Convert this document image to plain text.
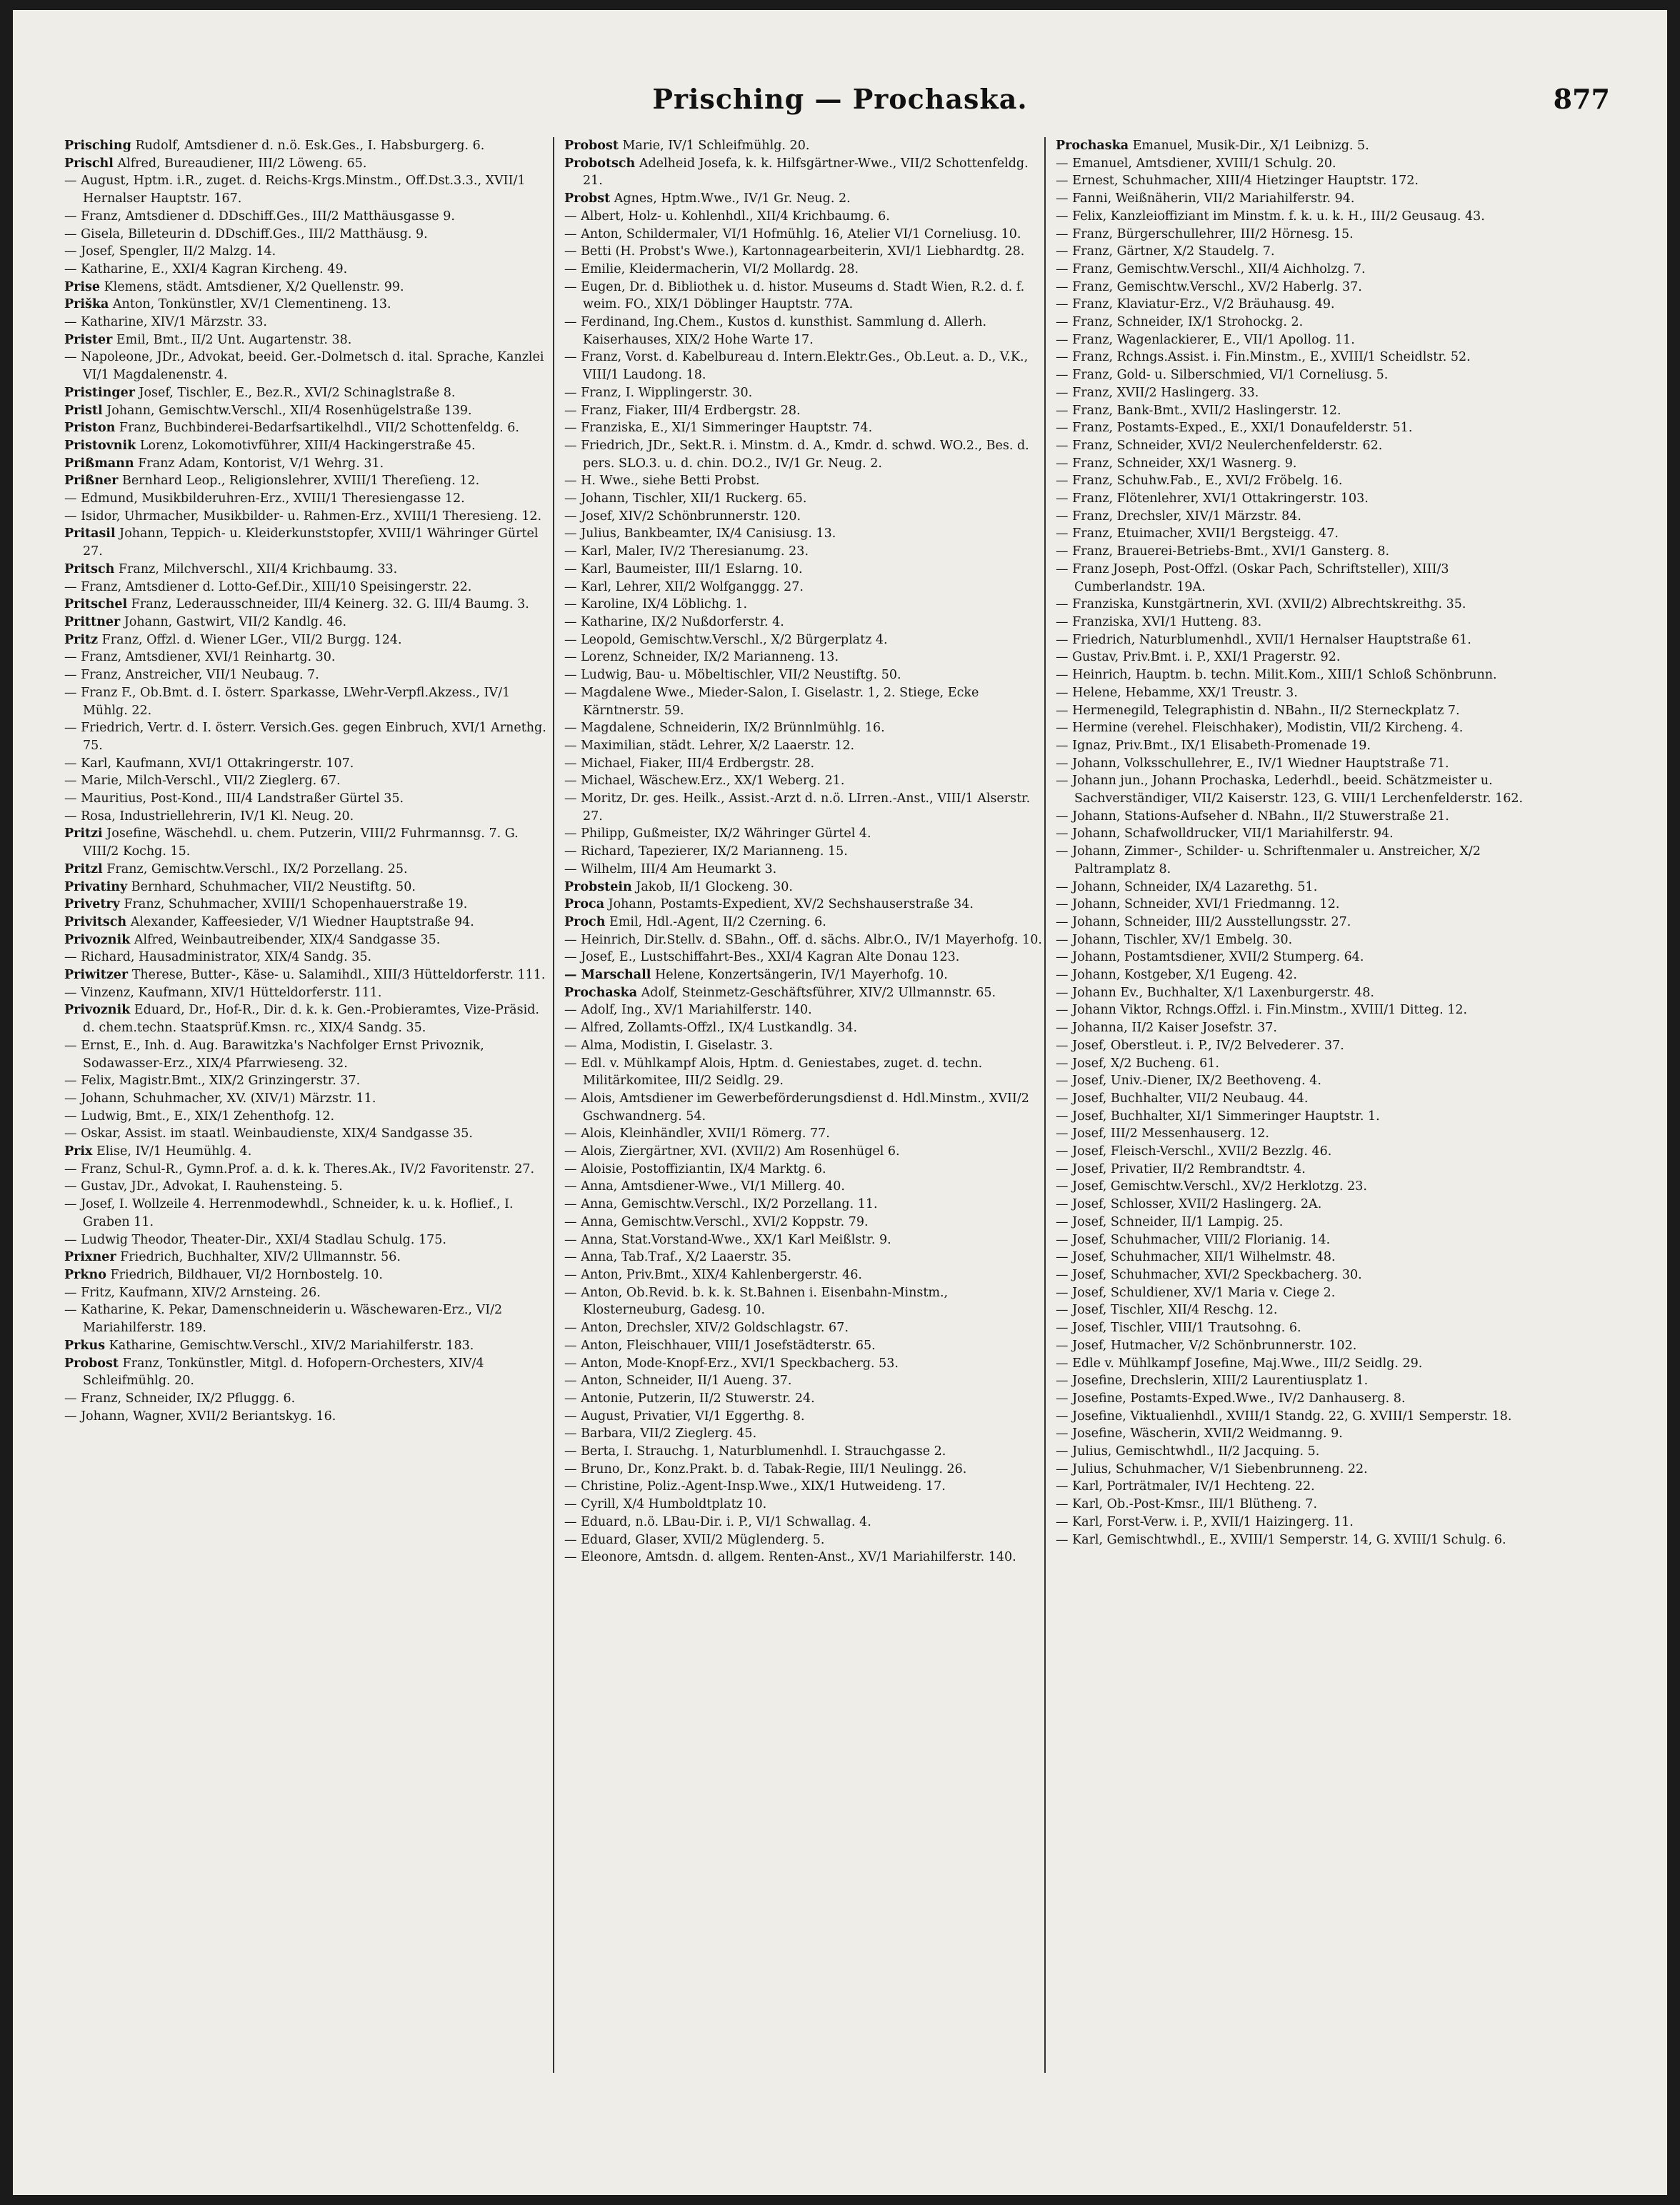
Prisching — Prochaska.	877

Prisching Rudolf, Amtsdiener d. n.ö. Esk.Ges., I. Habsburgerg. 6.

Prischl Alfred, Bureaudiener, III/2 Löweng. 65.

— August, Hptm. i.R., zuget. d. Reichs-Krgs.Minstm., Off.Dst.3.3., XVII/1 Hernalser Hauptstr. 167.

— Franz, Amtsdiener d. DDschiff.Ges., III/2 Matthäusgasse 9.

— Gisela, Billeteurin d. DDschiff.Ges., III/2 Matthäusg. 9.

— Josef, Spengler, II/2 Malzg. 14.

— Katharine, E., XXI/4 Kagran Kircheng. 49.

Prise Klemens, städt. Amtsdiener, X/2 Quellenstr. 99.

Priška Anton, Tonkünstler, XV/1 Clementineng. 13.

— Katharine, XIV/1 Märzstr. 33.

Prister Emil, Bmt., II/2 Unt. Augartenstr. 38.

— Napoleone, JDr., Advokat, beeid. Ger.-Dolmetsch d. ital. Sprache, Kanzlei VI/1 Magdalenenstr. 4.

Pristinger Josef, Tischler, E., Bez.R., XVI/2 Schinaglstraße 8.

Pristl Johann, Gemischtw.Verschl., XII/4 Rosenhügelstraße 139.

Priston Franz, Buchbinderei-Bedarfsartikelhdl., VII/2 Schottenfeldg. 6.

Pristovnik Lorenz, Lokomotivführer, XIII/4 Hackingerstraße 45.

Prißmann Franz Adam, Kontorist, V/1 Wehrg. 31.

Prißner Bernhard Leop., Religionslehrer, XVIII/1 Thereſieng. 12.

— Edmund, Musikbilderuhren-Erz., XVIII/1 Theresiengasse 12.

— Isidor, Uhrmacher, Musikbilder- u. Rahmen-Erz., XVIII/1 Theresieng. 12.

Pritasil Johann, Teppich- u. Kleiderkunststopfer, XVIII/1 Währinger Gürtel 27.

Pritsch Franz, Milchverschl., XII/4 Krichbaumg. 33.

— Franz, Amtsdiener d. Lotto-Gef.Dir., XIII/10 Speisingerstr. 22.

Pritschel Franz, Lederausschneider, III/4 Keinerg. 32. G. III/4 Baumg. 3.

Prittner Johann, Gastwirt, VII/2 Kandlg. 46.

Pritz Franz, Offzl. d. Wiener LGer., VII/2 Burgg. 124.

— Franz, Amtsdiener, XVI/1 Reinhartg. 30.

— Franz, Anstreicher, VII/1 Neubaug. 7.

— Franz F., Ob.Bmt. d. I. österr. Sparkasse, LWehr-Verpfl.Akzess., IV/1 Mühlg. 22.

— Friedrich, Vertr. d. I. österr. Versich.Ges. gegen Einbruch, XVI/1 Arnethg. 75.

— Karl, Kaufmann, XVI/1 Ottakringerstr. 107.

— Marie, Milch-Verschl., VII/2 Zieglerg. 67.

— Mauritius, Post-Kond., III/4 Landstraßer Gürtel 35.

— Rosa, Industriellehrerin, IV/1 Kl. Neug. 20.

Pritzi Josefine, Wäschehdl. u. chem. Putzerin, VIII/2 Fuhrmannsg. 7. G. VIII/2 Kochg. 15.

Pritzl Franz, Gemischtw.Verschl., IX/2 Porzellang. 25.

Privatiny Bernhard, Schuhmacher, VII/2 Neustiftg. 50.

Privetry Franz, Schuhmacher, XVIII/1 Schopenhauerstraße 19.

Privitsch Alexander, Kaffeesieder, V/1 Wiedner Hauptstraße 94.

Privoznik Alfred, Weinbautreibender, XIX/4 Sandgasse 35.

— Richard, Hausadministrator, XIX/4 Sandg. 35.

Priwitzer Therese, Butter-, Käse- u. Salamihdl., XIII/3 Hütteldorferstr. 111.

— Vinzenz, Kaufmann, XIV/1 Hütteldorferstr. 111.

Privoznik Eduard, Dr., Hof-R., Dir. d. k. k. Gen.-Probieramtes, Vize-Präsid. d. chem.techn. Staatsprüf.Kmsn. rc., XIX/4 Sandg. 35.

— Ernst, E., Inh. d. Aug. Barawitzka's Nachfolger Ernst Privoznik, Sodawasser-Erz., XIX/4 Pfarrwieseng. 32.

— Felix, Magistr.Bmt., XIX/2 Grinzingerstr. 37.

— Johann, Schuhmacher, XV. (XIV/1) Märzstr. 11.

— Ludwig, Bmt., E., XIX/1 Zehenthofg. 12.

— Oskar, Assist. im staatl. Weinbaudienste, XIX/4 Sandgasse 35.

Prix Elise, IV/1 Heumühlg. 4.

— Franz, Schul-R., Gymn.Prof. a. d. k. k. Theres.Ak., IV/2 Favoritenstr. 27.

— Gustav, JDr., Advokat, I. Rauhensteing. 5.

— Josef, I. Wollzeile 4. Herrenmodewhdl., Schneider, k. u. k. Hoflief., I. Graben 11.

— Ludwig Theodor, Theater-Dir., XXI/4 Stadlau Schulg. 175.

Prixner Friedrich, Buchhalter, XIV/2 Ullmannstr. 56.

Prkno Friedrich, Bildhauer, VI/2 Hornbostelg. 10.

— Fritz, Kaufmann, XIV/2 Arnsteing. 26.

— Katharine, K. Pekar, Damenschneiderin u. Wäschewaren-Erz., VI/2 Mariahilferstr. 189.

Prkus Katharine, Gemischtw.Verschl., XIV/2 Mariahilferstr. 183.

Probost Franz, Tonkünstler, Mitgl. d. Hofopern-Orchesters, XIV/4 Schleifmühlg. 20.

— Franz, Schneider, IX/2 Pfluggg. 6.

— Johann, Wagner, XVII/2 Beriantskyg. 16.

Probost Marie, IV/1 Schleifmühlg. 20.

Probotsch Adelheid Josefa, k. k. Hilfsgärtner-Wwe., VII/2 Schottenfeldg. 21.

Probst Agnes, Hptm.Wwe., IV/1 Gr. Neug. 2.

— Albert, Holz- u. Kohlenhdl., XII/4 Krichbaumg. 6.

— Anton, Schildermaler, VI/1 Hofmühlg. 16, Atelier VI/1 Corneliusg. 10.

— Betti (H. Probst's Wwe.), Kartonnagearbeiterin, XVI/1 Liebhardtg. 28.

— Emilie, Kleidermacherin, VI/2 Mollardg. 28.

— Eugen, Dr. d. Bibliothek u. d. histor. Museums d. Stadt Wien, R.2. d. f. weim. FO., XIX/1 Döblinger Hauptstr. 77A.

— Ferdinand, Ing.Chem., Kustos d. kunsthist. Sammlung d. Allerh. Kaiserhauses, XIX/2 Hohe Warte 17.

— Franz, Vorst. d. Kabelbureau d. Intern.Elektr.Ges., Ob.Leut. a. D., V.K., VIII/1 Laudong. 18.

— Franz, I. Wipplingerstr. 30.

— Franz, Fiaker, III/4 Erdbergstr. 28.

— Franziska, E., XI/1 Simmeringer Hauptstr. 74.

— Friedrich, JDr., Sekt.R. i. Minstm. d. A., Kmdr. d. schwd. WO.2., Bes. d. pers. SLO.3. u. d. chin. DO.2., IV/1 Gr. Neug. 2.

— H. Wwe., siehe Betti Probst.

— Johann, Tischler, XII/1 Ruckerg. 65.

— Josef, XIV/2 Schönbrunnerstr. 120.

— Julius, Bankbeamter, IX/4 Canisiusg. 13.

— Karl, Maler, IV/2 Theresianumg. 23.

— Karl, Baumeister, III/1 Eslarng. 10.

— Karl, Lehrer, XII/2 Wolfganggg. 27.

— Karoline, IX/4 Löblichg. 1.

— Katharine, IX/2 Nußdorferstr. 4.

— Leopold, Gemischtw.Verschl., X/2 Bürgerplatz 4.

— Lorenz, Schneider, IX/2 Marianneng. 13.

— Ludwig, Bau- u. Möbeltischler, VII/2 Neustiftg. 50.

— Magdalene Wwe., Mieder-Salon, I. Giselastr. 1, 2. Stiege, Ecke Kärntnerstr. 59.

— Magdalene, Schneiderin, IX/2 Brünnlmühlg. 16.

— Maximilian, städt. Lehrer, X/2 Laaerstr. 12.

— Michael, Fiaker, III/4 Erdbergstr. 28.

— Michael, Wäschew.Erz., XX/1 Weberg. 21.

— Moritz, Dr. ges. Heilk., Assist.-Arzt d. n.ö. LIrren.-Anst., VIII/1 Alserstr. 27.

— Philipp, Gußmeister, IX/2 Währinger Gürtel 4.

— Richard, Tapezierer, IX/2 Marianneng. 15.

— Wilhelm, III/4 Am Heumarkt 3.

Probstein Jakob, II/1 Glockeng. 30.

Proca Johann, Postamts-Expedient, XV/2 Sechshauserstraße 34.

Proch Emil, Hdl.-Agent, II/2 Czerning. 6.

— Heinrich, Dir.Stellv. d. SBahn., Off. d. sächs. Albr.O., IV/1 Mayerhofg. 10.

— Josef, E., Lustschiffahrt-Bes., XXI/4 Kagran Alte Donau 123.

— Marschall Helene, Konzertsängerin, IV/1 Mayerhofg. 10.

Prochaska Adolf, Steinmetz-Geschäftsführer, XIV/2 Ullmannstr. 65.

— Adolf, Ing., XV/1 Mariahilferstr. 140.

— Alfred, Zollamts-Offzl., IX/4 Lustkandlg. 34.

— Alma, Modistin, I. Giselastr. 3.

— Edl. v. Mühlkampf Alois, Hptm. d. Geniestabes, zuget. d. techn. Militärkomitee, III/2 Seidlg. 29.

— Alois, Amtsdiener im Gewerbeförderungsdienst d. Hdl.Minstm., XVII/2 Gschwandnerg. 54.

— Alois, Kleinhändler, XVII/1 Römerg. 77.

— Alois, Ziergärtner, XVI. (XVII/2) Am Rosenhügel 6.

— Aloisie, Postoffiziantin, IX/4 Marktg. 6.

— Anna, Amtsdiener-Wwe., VI/1 Millerg. 40.

— Anna, Gemischtw.Verschl., IX/2 Porzellang. 11.

— Anna, Gemischtw.Verschl., XVI/2 Koppstr. 79.

— Anna, Stat.Vorstand-Wwe., XX/1 Karl Meißlstr. 9.

— Anna, Tab.Traf., X/2 Laaerstr. 35.

— Anton, Priv.Bmt., XIX/4 Kahlenbergerstr. 46.

— Anton, Ob.Revid. b. k. k. St.Bahnen i. Eisenbahn-Minstm., Klosterneuburg, Gadesg. 10.

— Anton, Drechsler, XIV/2 Goldschlagstr. 67.

— Anton, Fleischhauer, VIII/1 Josefstädterstr. 65.

— Anton, Mode-Knopf-Erz., XVI/1 Speckbacherg. 53.

— Anton, Schneider, II/1 Aueng. 37.

— Antonie, Putzerin, II/2 Stuwerstr. 24.

— August, Privatier, VI/1 Eggerthg. 8.

— Barbara, VII/2 Zieglerg. 45.

— Berta, I. Strauchg. 1, Naturblumenhdl. I. Strauchgasse 2.

— Bruno, Dr., Konz.Prakt. b. d. Tabak-Regie, III/1 Neulingg. 26.

— Christine, Poliz.-Agent-Insp.Wwe., XIX/1 Hutweideng. 17.

— Cyrill, X/4 Humboldtplatz 10.

— Eduard, n.ö. LBau-Dir. i. P., VI/1 Schwallag. 4.

— Eduard, Glaser, XVII/2 Müglenderg. 5.

— Eleonore, Amtsdn. d. allgem. Renten-Anst., XV/1 Mariahilferstr. 140.

Prochaska Emanuel, Musik-Dir., X/1 Leibnizg. 5.

— Emanuel, Amtsdiener, XVIII/1 Schulg. 20.

— Ernest, Schuhmacher, XIII/4 Hietzinger Hauptstr. 172.

— Fanni, Weißnäherin, VII/2 Mariahilferstr. 94.

— Felix, Kanzleioffiziant im Minstm. f. k. u. k. H., III/2 Geusaug. 43.

— Franz, Bürgerschullehrer, III/2 Hörnesg. 15.

— Franz, Gärtner, X/2 Staudelg. 7.

— Franz, Gemischtw.Verschl., XII/4 Aichholzg. 7.

— Franz, Gemischtw.Verschl., XV/2 Haberlg. 37.

— Franz, Klaviatur-Erz., V/2 Bräuhausg. 49.

— Franz, Schneider, IX/1 Strohockg. 2.

— Franz, Wagenlackierer, E., VII/1 Apollog. 11.

— Franz, Rchngs.Assist. i. Fin.Minstm., E., XVIII/1 Scheidlstr. 52.

— Franz, Gold- u. Silberschmied, VI/1 Corneliusg. 5.

— Franz, XVII/2 Haslingerg. 33.

— Franz, Bank-Bmt., XVII/2 Haslingerstr. 12.

— Franz, Postamts-Exped., E., XXI/1 Donaufelderstr. 51.

— Franz, Schneider, XVI/2 Neulerchenfelderstr. 62.

— Franz, Schneider, XX/1 Wasnerg. 9.

— Franz, Schuhw.Fab., E., XVI/2 Fröbelg. 16.

— Franz, Flötenlehrer, XVI/1 Ottakringerstr. 103.

— Franz, Drechsler, XIV/1 Märzstr. 84.

— Franz, Etuimacher, XVII/1 Bergsteigg. 47.

— Franz, Brauerei-Betriebs-Bmt., XVI/1 Gansterg. 8.

— Franz Joseph, Post-Offzl. (Oskar Pach, Schriftsteller), XIII/3 Cumberlandstr. 19A.

— Franziska, Kunstgärtnerin, XVI. (XVII/2) Albrechtskreithg. 35.

— Franziska, XVI/1 Hutteng. 83.

— Friedrich, Naturblumenhdl., XVII/1 Hernalser Hauptstraße 61.

— Gustav, Priv.Bmt. i. P., XXI/1 Pragerstr. 92.

— Heinrich, Hauptm. b. techn. Milit.Kom., XIII/1 Schloß Schönbrunn.

— Helene, Hebamme, XX/1 Treustr. 3.

— Hermenegild, Telegraphistin d. NBahn., II/2 Sterneckplatz 7.

— Hermine (verehel. Fleischhaker), Modistin, VII/2 Kircheng. 4.

— Ignaz, Priv.Bmt., IX/1 Elisabeth-Promenade 19.

— Johann, Volksschullehrer, E., IV/1 Wiedner Hauptstraße 71.

— Johann jun., Johann Prochaska, Lederhdl., beeid. Schätzmeister u. Sachverständiger, VII/2 Kaiserstr. 123, G. VIII/1 Lerchenfelderstr. 162.

— Johann, Stations-Aufseher d. NBahn., II/2 Stuwerstraße 21.

— Johann, Schafwolldrucker, VII/1 Mariahilferstr. 94.

— Johann, Zimmer-, Schilder- u. Schriftenmaler u. Anstreicher, X/2 Paltramplatz 8.

— Johann, Schneider, IX/4 Lazarethg. 51.

— Johann, Schneider, XVI/1 Friedmanng. 12.

— Johann, Schneider, III/2 Ausstellungsstr. 27.

— Johann, Tischler, XV/1 Embelg. 30.

— Johann, Postamtsdiener, XVII/2 Stumperg. 64.

— Johann, Kostgeber, X/1 Eugeng. 42.

— Johann Ev., Buchhalter, X/1 Laxenburgerstr. 48.

— Johann Viktor, Rchngs.Offzl. i. Fin.Minstm., XVIII/1 Ditteg. 12.

— Johanna, II/2 Kaiser Josefstr. 37.

— Josef, Oberstleut. i. P., IV/2 Belvederег. 37.

— Josef, X/2 Bucheng. 61.

— Josef, Univ.-Diener, IX/2 Beethoveng. 4.

— Josef, Buchhalter, VII/2 Neubaug. 44.

— Josef, Buchhalter, XI/1 Simmeringer Hauptstr. 1.

— Josef, III/2 Messenhauserg. 12.

— Josef, Fleisch-Verschl., XVII/2 Bezzlg. 46.

— Josef, Privatier, II/2 Rembrandtstr. 4.

— Josef, Gemischtw.Verschl., XV/2 Herklotzg. 23.

— Josef, Schlosser, XVII/2 Haslingerg. 2A.

— Josef, Schneider, II/1 Lampig. 25.

— Josef, Schuhmacher, VIII/2 Florianig. 14.

— Josef, Schuhmacher, XII/1 Wilhelmstr. 48.

— Josef, Schuhmacher, XVI/2 Speckbacherg. 30.

— Josef, Schuldiener, XV/1 Maria v. Ciege 2.

— Josef, Tischler, XII/4 Reschg. 12.

— Josef, Tischler, VIII/1 Trautsohng. 6.

— Josef, Hutmacher, V/2 Schönbrunnerstr. 102.

— Edle v. Mühlkampf Josefine, Maj.Wwe., III/2 Seidlg. 29.

— Josefine, Drechslerin, XIII/2 Laurentiusplatz 1.

— Josefine, Postamts-Exped.Wwe., IV/2 Danhauserg. 8.

— Josefine, Viktualienhdl., XVIII/1 Standg. 22, G. XVIII/1 Semperstr. 18.

— Josefine, Wäscherin, XVII/2 Weidmanng. 9.

— Julius, Gemischtwhdl., II/2 Jacquing. 5.

— Julius, Schuhmacher, V/1 Siebenbrunneng. 22.

— Karl, Porträtmaler, IV/1 Hechteng. 22.

— Karl, Ob.-Post-Kmsr., III/1 Blütheng. 7.

— Karl, Forst-Verw. i. P., XVII/1 Haizingerg. 11.

— Karl, Gemischtwhdl., E., XVIII/1 Semperstr. 14, G. XVIII/1 Schulg. 6.
